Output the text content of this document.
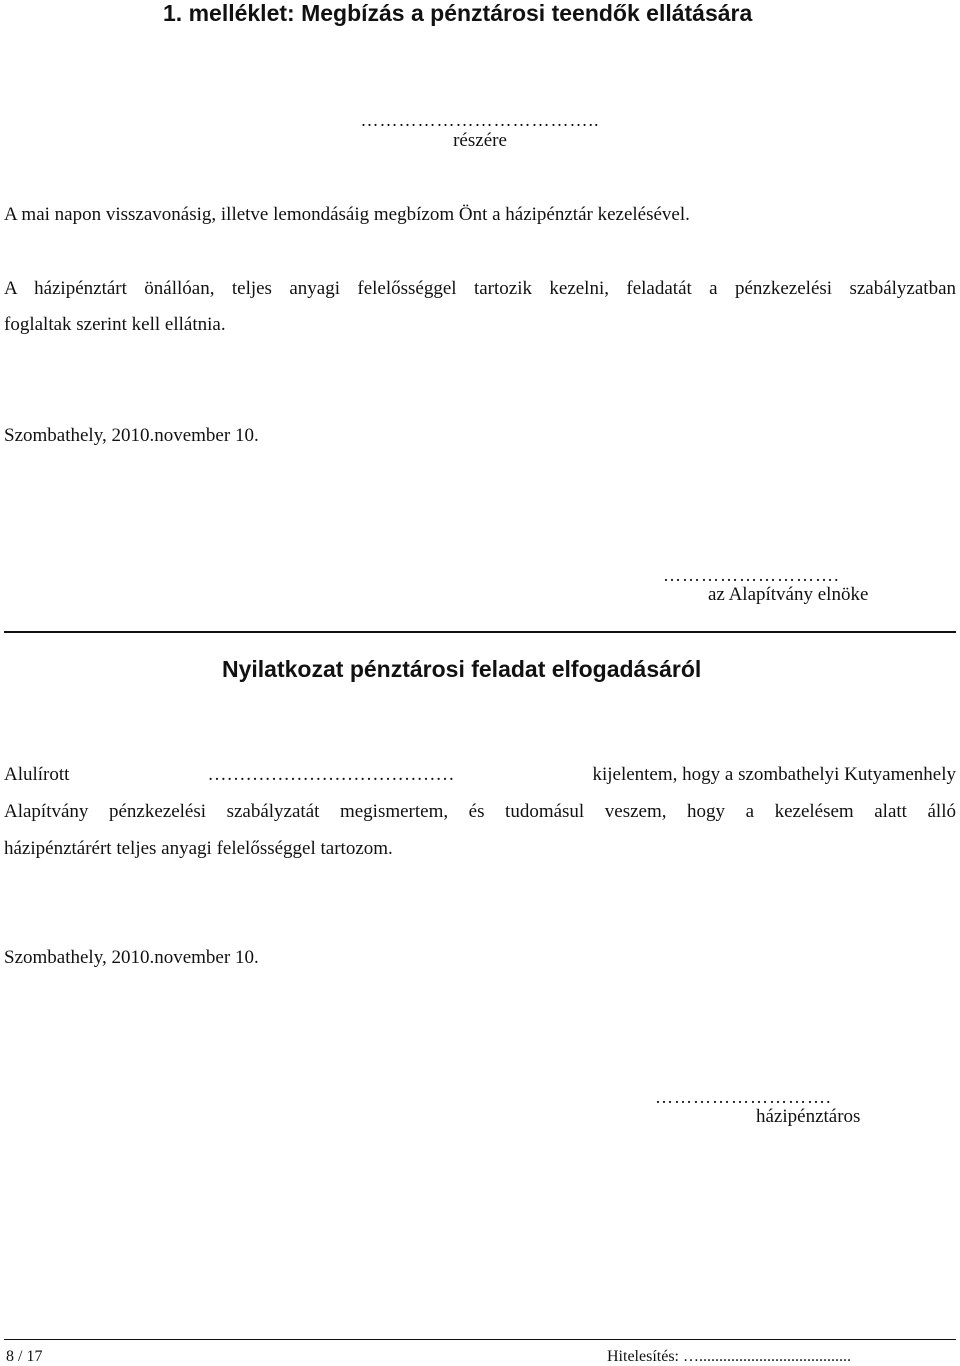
1. melléklet: Megbízás a pénztárosi teendők ellátására
………………………………..
részére
A mai napon visszavonásig, illetve lemondásáig megbízom Önt a házipénztár kezelésével.
A házipénztárt önállóan, teljes anyagi felelősséggel tartozik kezelni, feladatát a pénzkezelési szabályzatban
foglaltak szerint kell ellátnia.
Szombathely, 2010.november 10.
……………………….
az Alapítvány elnöke
Nyilatkozat pénztárosi feladat elfogadásáról
Alulírott	…………………………………	kijelentem, hogy a szombathelyi Kutyamenhely
Alapítvány pénzkezelési szabályzatát megismertem, és tudomásul veszem, hogy a kezelésem alatt álló
házipénztárért teljes anyagi felelősséggel tartozom.
Szombathely, 2010.november 10.
……………………….
házipénztáros
8 / 17	Hitelesítés: …......................................
